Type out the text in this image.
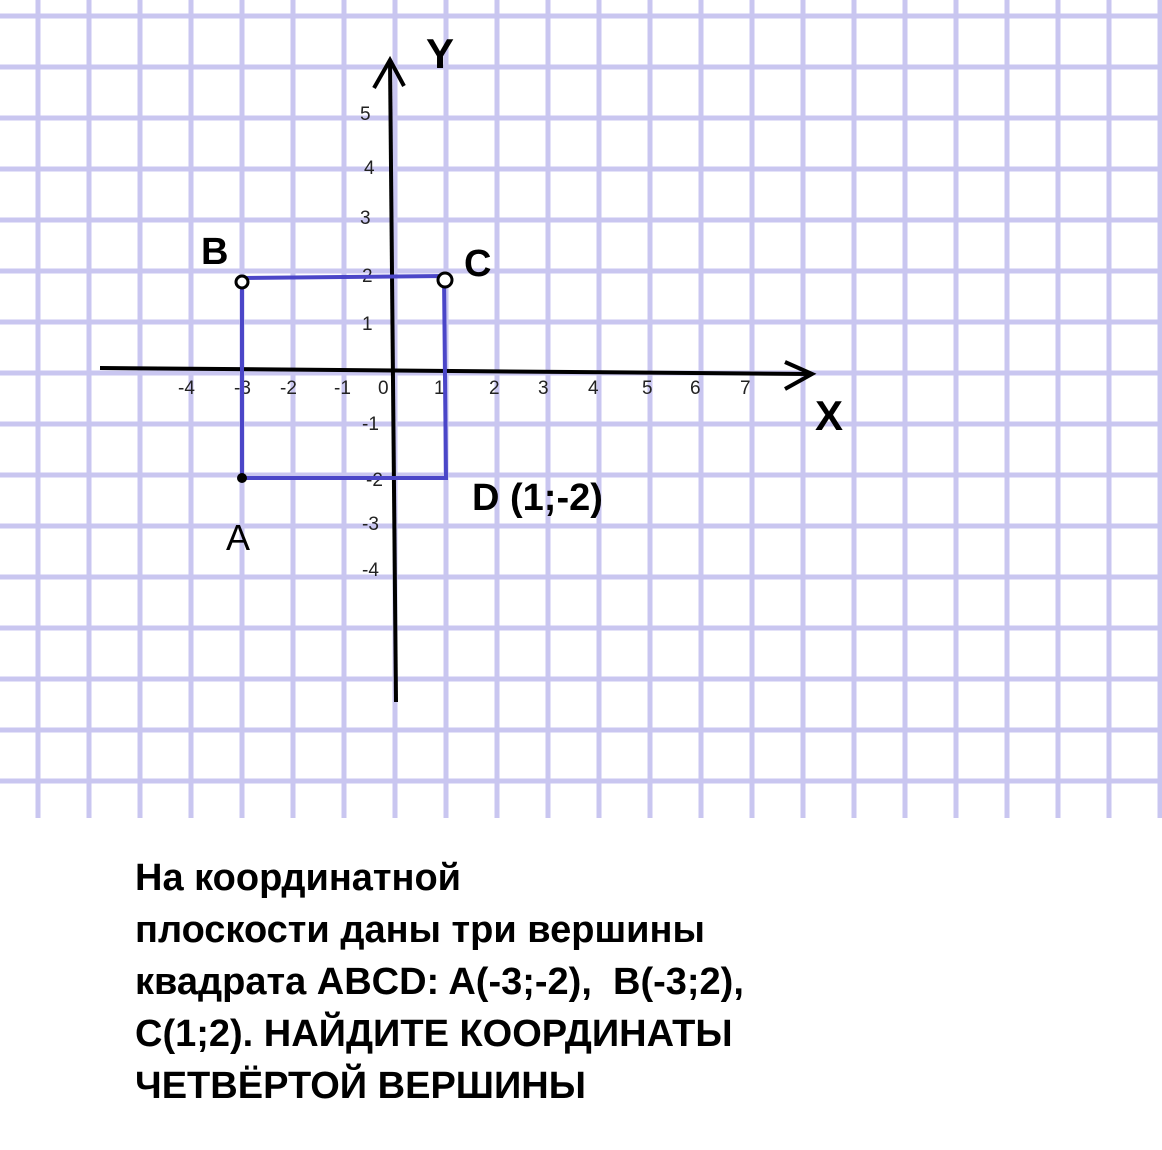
Y
X
-4 -3 -2 -1 0 1 2 3 4 5 6 7
5
4
3
2
1
-1
-2
-3
-4
B	C
A
D (1;-2)
На координатной
плоскости даны три вершины
квадрата ABCD: A(-3;-2),  B(-3;2),
C(1;2). НАЙДИТЕ КООРДИНАТЫ
ЧЕТВЁРТОЙ ВЕРШИНЫ
